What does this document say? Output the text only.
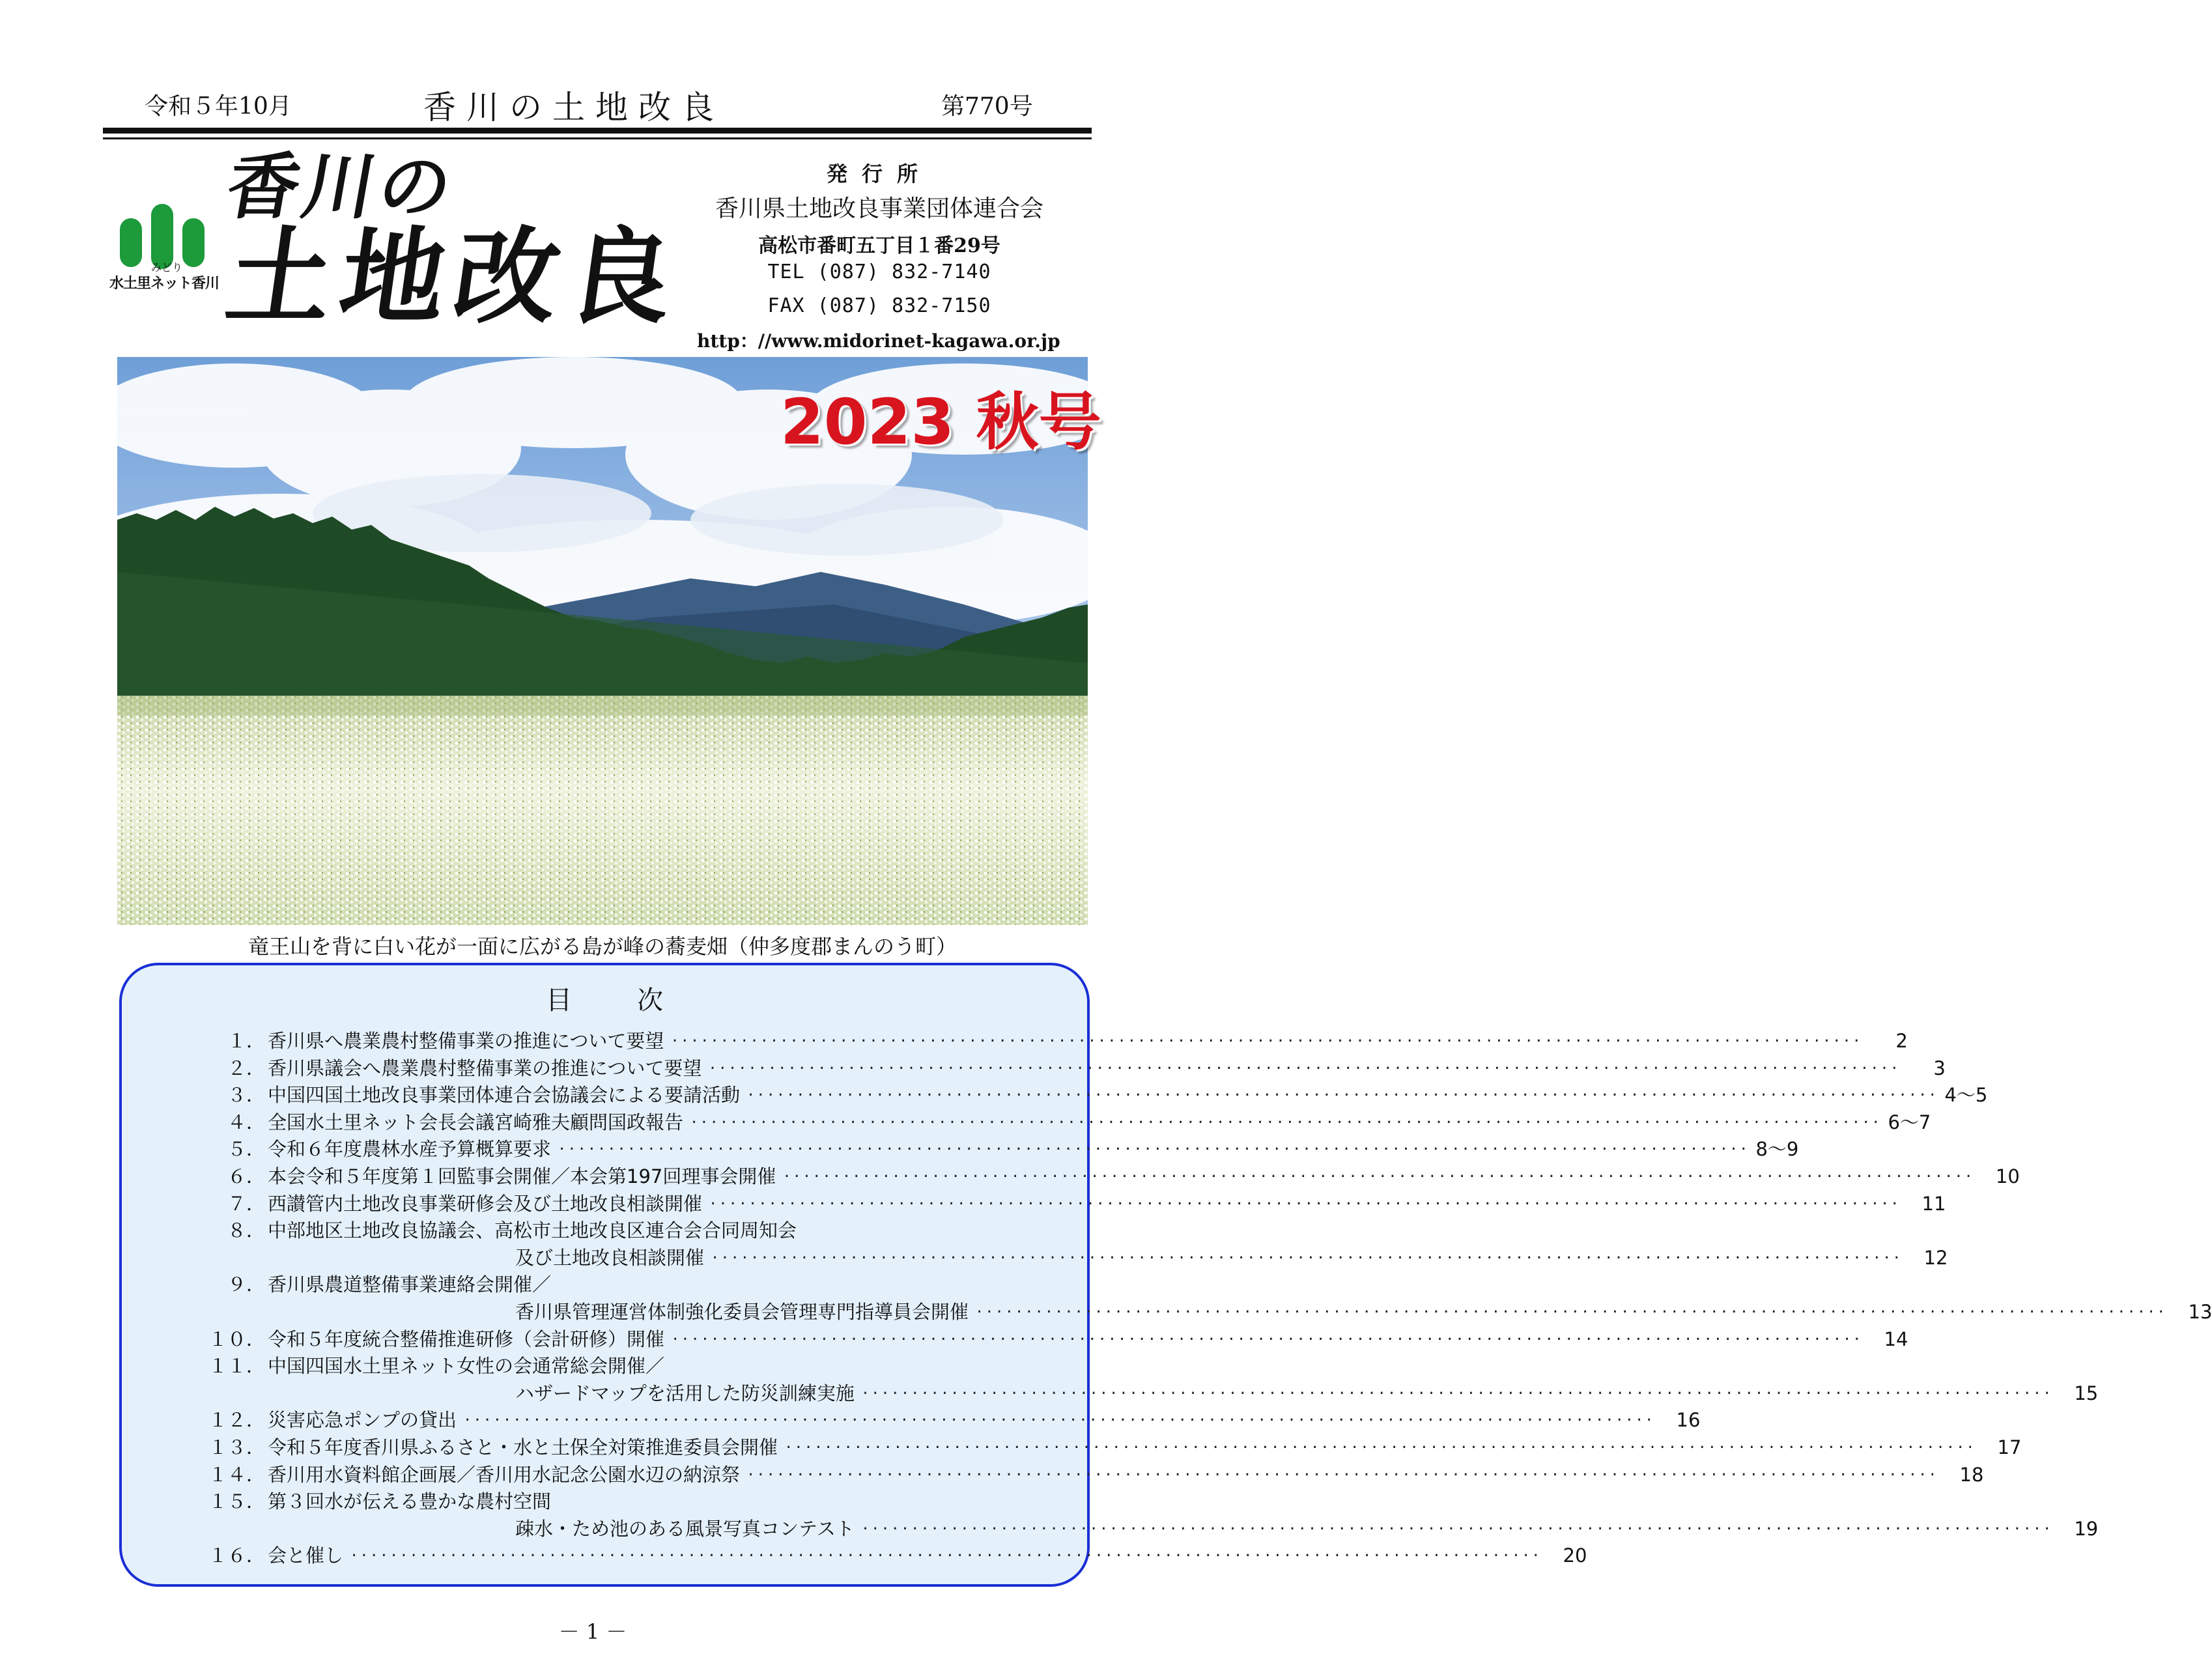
令和５年10月	香川の土地改良	第770号
みどり
水土里ネット香川
香川の
土地改良
発行所
香川県土地改良事業団体連合会
高松市番町五丁目１番29号
TEL (087) 832-7140
FAX (087) 832-7150
http：//www.midorinet-kagawa.or.jp
2023 秋号
竜王山を背に白い花が一面に広がる島が峰の蕎麦畑（仲多度郡まんのう町）
目次
１． 香川県へ農業農村整備事業の推進について要望 ························································································································	2
２． 香川県議会へ農業農村整備事業の推進について要望 ························································································································	3
３． 中国四国土地改良事業団体連合会協議会による要請活動 ························································································································ 4～5
４． 全国水土里ネット会長会議宮崎雅夫顧問国政報告 ························································································································ 6～7
５． 令和６年度農林水産予算概算要求 ························································································································ 8～9
６． 本会令和５年度第１回監事会開催／本会第197回理事会開催 ························································································································	10
７． 西讃管内土地改良事業研修会及び土地改良相談開催 ························································································································	11
８． 中部地区土地改良協議会、高松市土地改良区連合会合同周知会
及び土地改良相談開催 ························································································································	12
９． 香川県農道整備事業連絡会開催／
香川県管理運営体制強化委員会管理専門指導員会開催 ························································································································	13
１０． 令和５年度統合整備推進研修（会計研修）開催 ························································································································	14
１１． 中国四国水土里ネット女性の会通常総会開催／
ハザードマップを活用した防災訓練実施 ························································································································	15
１２． 災害応急ポンプの貸出 ························································································································	16
１３． 令和５年度香川県ふるさと・水と土保全対策推進委員会開催 ························································································································	17
１４． 香川用水資料館企画展／香川用水記念公園水辺の納涼祭 ························································································································	18
１５． 第３回水が伝える豊かな農村空間
疎水・ため池のある風景写真コンテスト ························································································································	19
１６． 会と催し ························································································································	20
－ 1 －
